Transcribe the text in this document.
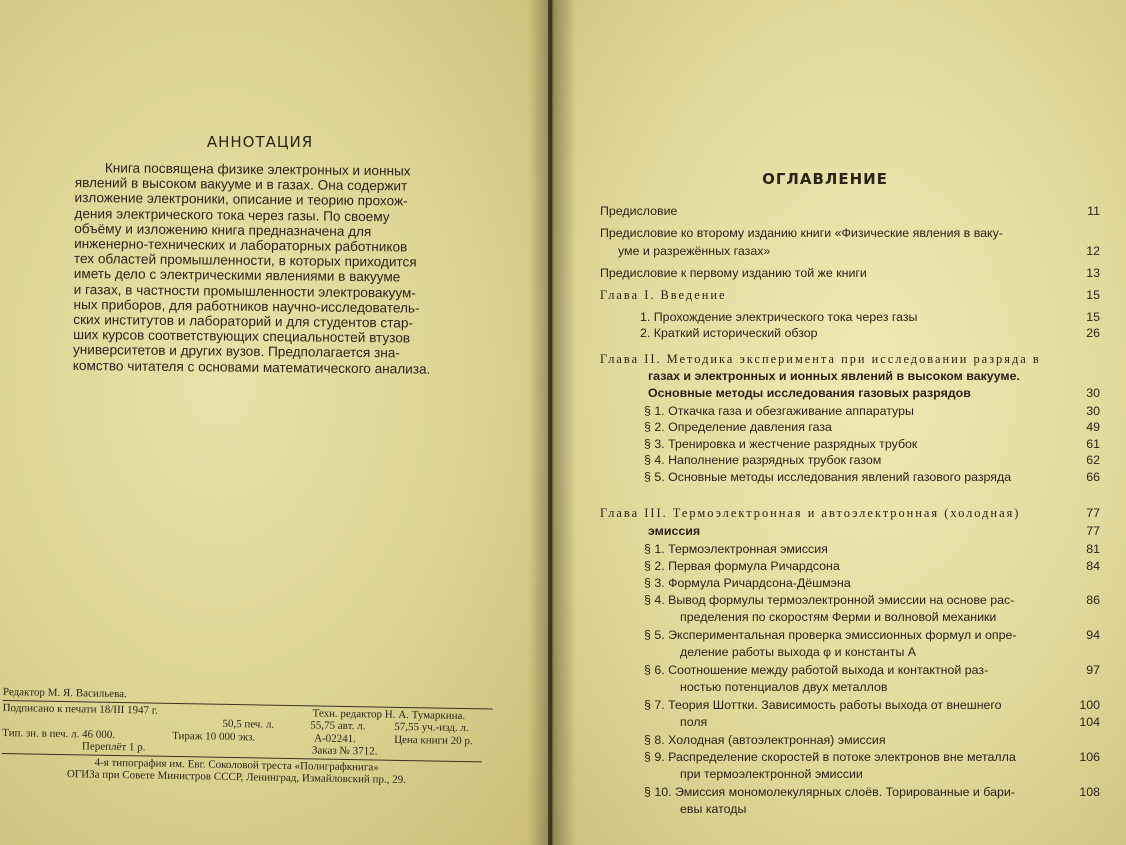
АННОТАЦИЯ
Книга посвящена физике электронных и ионных
явлений в высоком вакууме и в газах. Она содержит
изложение электроники, описание и теорию прохож-
дения электрического тока через газы. По своему
объёму и изложению книга предназначена для
инженерно-технических и лабораторных работников
тех областей промышленности, в которых приходится
иметь дело с электрическими явлениями в вакууме
и газах, в частности промышленности электровакуум-
ных приборов, для работников научно-исследователь-
ских институтов и лабораторий и для студентов стар-
ших курсов соответствующих специальностей втузов
университетов и других вузов. Предполагается зна-
комство читателя с основами математического анализа.
Редактор М. Я. Васильева.
Подписано к печати 18/III 1947 г.	Техн. редактор Н. А. Тумаркина.
50,5 печ. л.	55,75 авт. л.	57,55 уч.-изд. л.
Тип. зн. в печ. л. 46 000.	Тираж 10 000 экз.	А-02241.	Цена книги 20 р.
Переплёт 1 р.	Заказ № 3712.
4-я типография им. Евг. Соколовой треста «Полиграфкнига»
ОГИЗа при Совете Министров СССР, Ленинград, Измайловский пр., 29.
ОГЛАВЛЕНИЕ
Предисловие	11
Предисловие ко второму изданию книги «Физические явления в ваку-
уме и разрежённых газах»	12
Предисловие к первому изданию той же книги	13
Глава I. Введение	15
1. Прохождение электрического тока через газы	15
2. Краткий исторический обзор	26
Глава II. Методика эксперимента при исследовании разряда в
газах и электронных и ионных явлений в высоком вакууме.
Основные методы исследования газовых разрядов	30
§ 1. Откачка газа и обезгаживание аппаратуры	30
§ 2. Определение давления газа	49
§ 3. Тренировка и жестчение разрядных трубок	61
§ 4. Наполнение разрядных трубок газом	62
§ 5. Основные методы исследования явлений газового разряда	66
Глава III. Термоэлектронная и автоэлектронная (холодная)	77
эмиссия	77
§ 1. Термоэлектронная эмиссия	81
§ 2. Первая формула Ричардсона	84
§ 3. Формула Ричардсона-Дёшмэна
§ 4. Вывод формулы термоэлектронной эмиссии на основе рас-	86
пределения по скоростям Ферми и волновой механики
§ 5. Экспериментальная проверка эмиссионных формул и опре-	94
деление работы выхода φ и константы A
§ 6. Соотношение между работой выхода и контактной раз-	97
ностью потенциалов двух металлов
§ 7. Теория Шоттки. Зависимость работы выхода от внешнего	100
поля	104
§ 8. Холодная (автоэлектронная) эмиссия
§ 9. Распределение скоростей в потоке электронов вне металла	106
при термоэлектронной эмиссии
§ 10. Эмиссия мономолекулярных слоёв. Торированные и бари-	108
евы катоды
